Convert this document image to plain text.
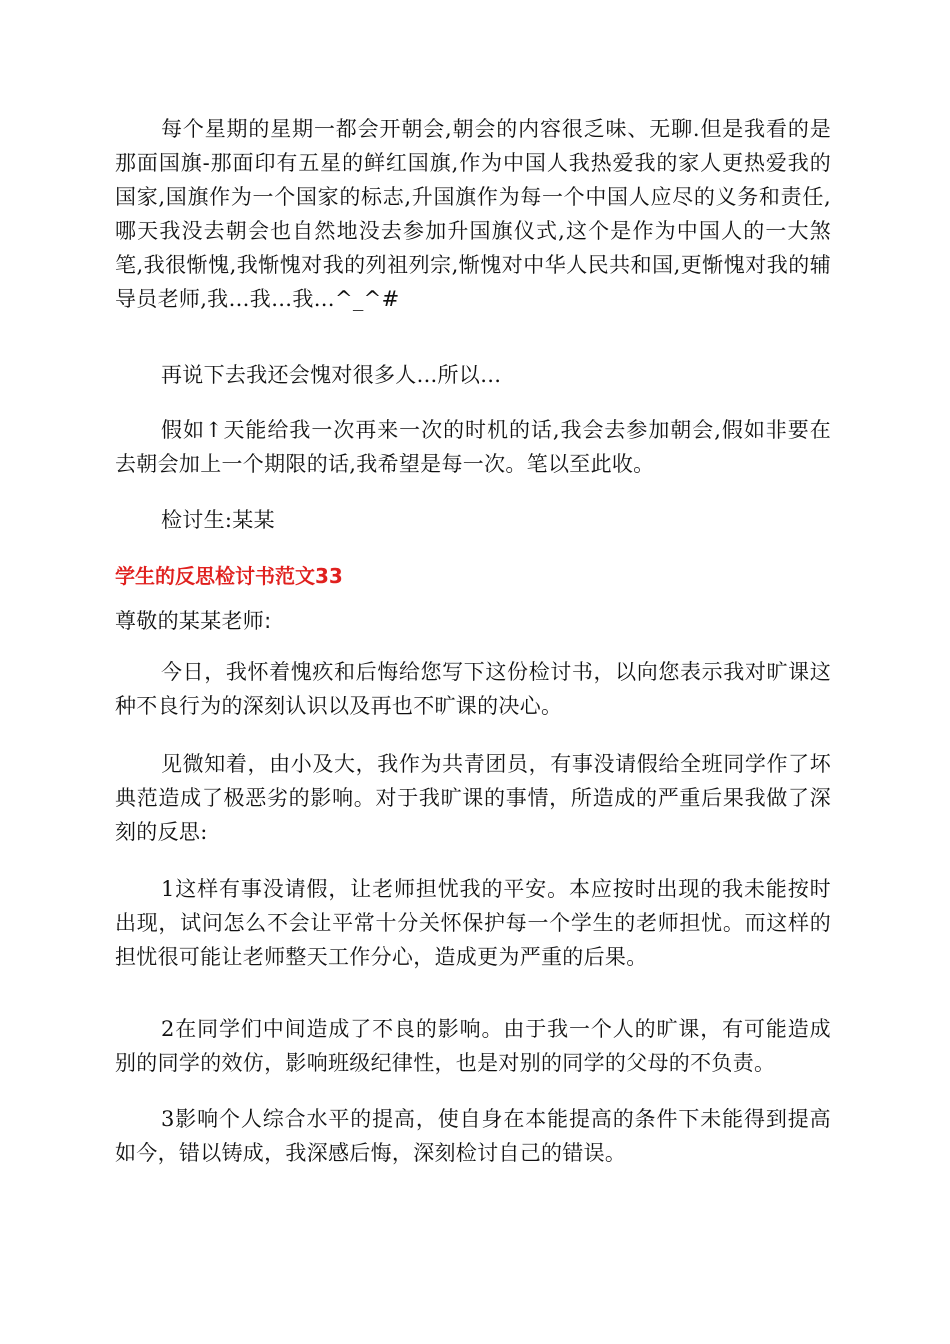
每个星期的星期一都会开朝会,朝会的内容很乏味、无聊.但是我看的是那面国旗-那面印有五星的鲜红国旗,作为中国人我热爱我的家人更热爱我的国家,国旗作为一个国家的标志,升国旗作为每一个中国人应尽的义务和责任,哪天我没去朝会也自然地没去参加升国旗仪式,这个是作为中国人的一大煞笔,我很惭愧,我惭愧对我的列祖列宗,惭愧对中华人民共和国,更惭愧对我的辅导员老师,我…我…我…^_^#

再说下去我还会愧对很多人...所以…

假如↑天能给我一次再来一次的时机的话,我会去参加朝会,假如非要在去朝会加上一个期限的话,我希望是每一次。笔以至此收。

检讨生:某某

学生的反思检讨书范文33

尊敬的某某老师:

今日，我怀着愧疚和后悔给您写下这份检讨书，以向您表示我对旷课这种不良行为的深刻认识以及再也不旷课的决心。

见微知着，由小及大，我作为共青团员，有事没请假给全班同学作了坏典范造成了极恶劣的影响。对于我旷课的事情，所造成的严重后果我做了深刻的反思:

1这样有事没请假，让老师担忧我的平安。本应按时出现的我未能按时出现，试问怎么不会让平常十分关怀保护每一个学生的老师担忧。而这样的担忧很可能让老师整天工作分心，造成更为严重的后果。

2在同学们中间造成了不良的影响。由于我一个人的旷课，有可能造成别的同学的效仿，影响班级纪律性，也是对别的同学的父母的不负责。

3影响个人综合水平的提高，使自身在本能提高的条件下未能得到提高如今，错以铸成，我深感后悔，深刻检讨自己的错误。
